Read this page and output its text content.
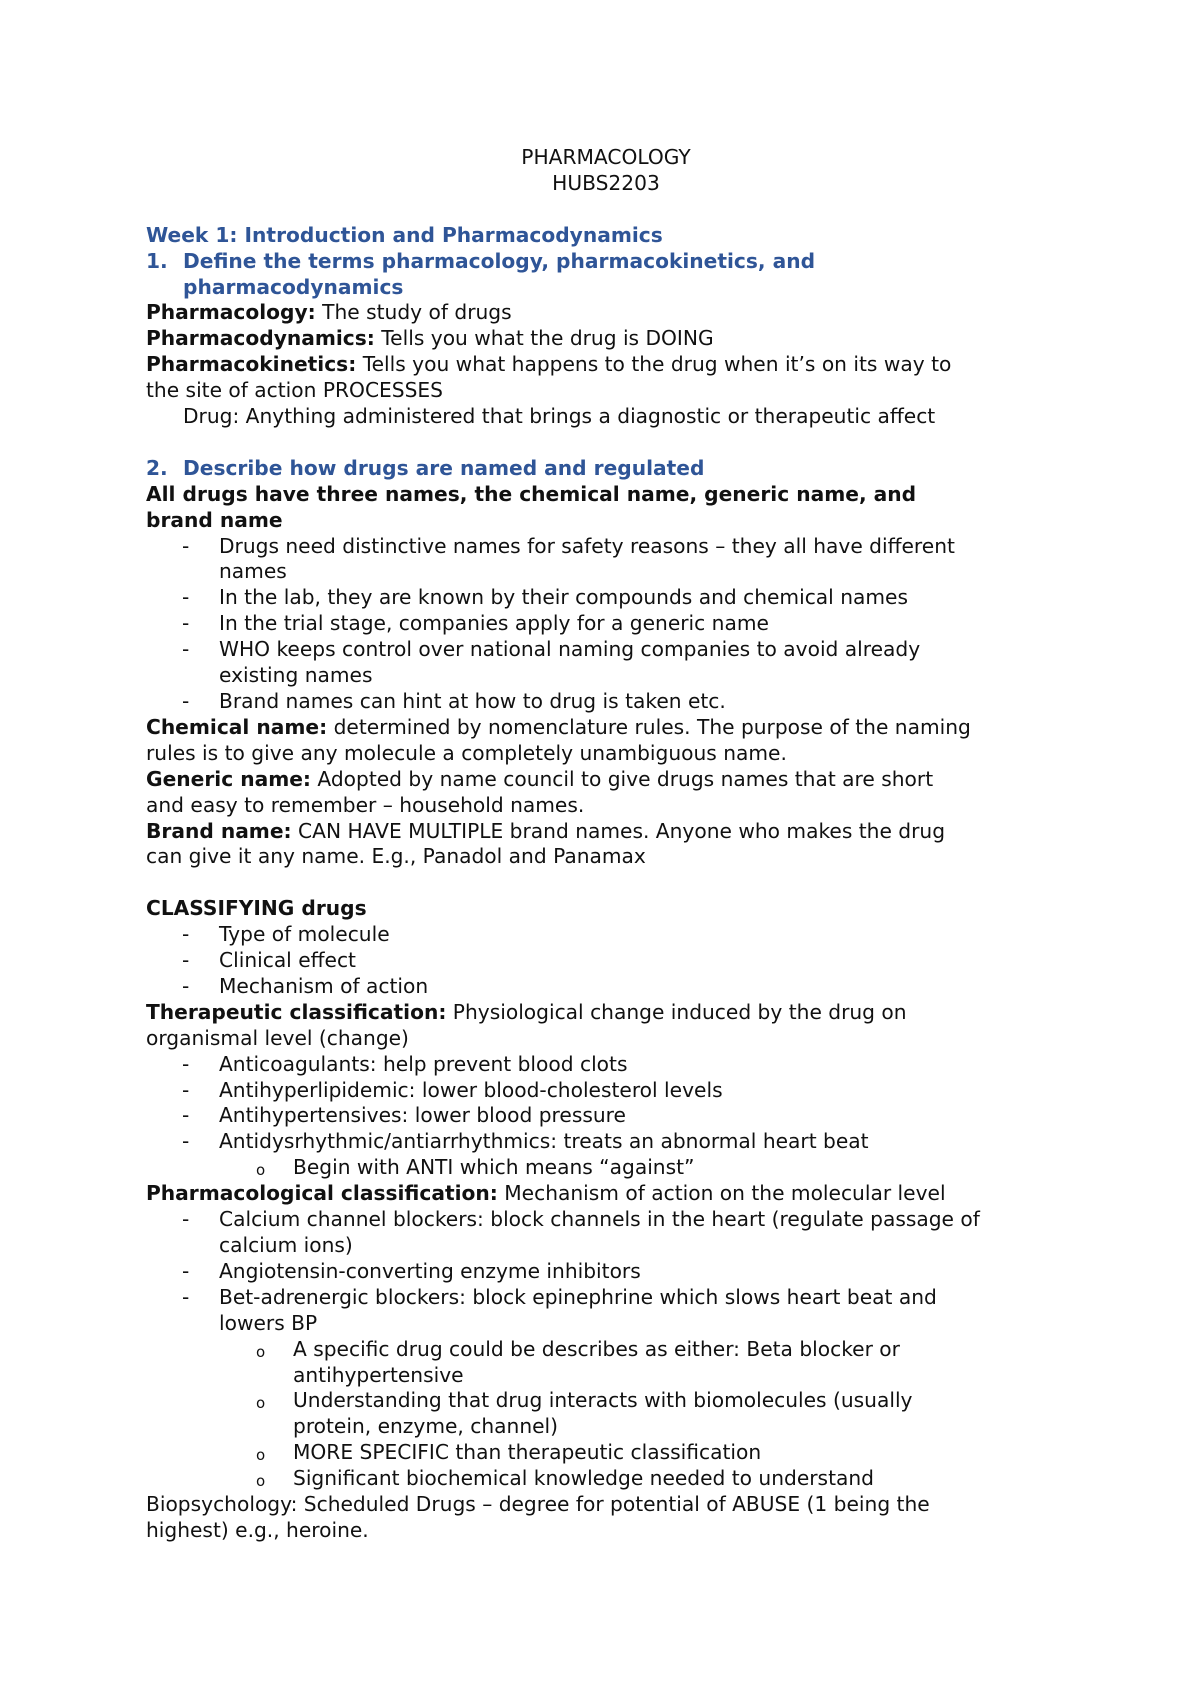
PHARMACOLOGY
HUBS2203
Week 1: Introduction and Pharmacodynamics
1. Define the terms pharmacology, pharmacokinetics, and
pharmacodynamics
Pharmacology: The study of drugs
Pharmacodynamics: Tells you what the drug is DOING
Pharmacokinetics: Tells you what happens to the drug when it’s on its way to
the site of action PROCESSES
Drug: Anything administered that brings a diagnostic or therapeutic affect
2. Describe how drugs are named and regulated
All drugs have three names, the chemical name, generic name, and
brand name
-	Drugs need distinctive names for safety reasons – they all have different
names
-	In the lab, they are known by their compounds and chemical names
-	In the trial stage, companies apply for a generic name
-	WHO keeps control over national naming companies to avoid already
existing names
-	Brand names can hint at how to drug is taken etc.
Chemical name: determined by nomenclature rules. The purpose of the naming
rules is to give any molecule a completely unambiguous name.
Generic name: Adopted by name council to give drugs names that are short
and easy to remember – household names.
Brand name: CAN HAVE MULTIPLE brand names. Anyone who makes the drug
can give it any name. E.g., Panadol and Panamax
CLASSIFYING drugs
-	Type of molecule
-	Clinical effect
-	Mechanism of action
Therapeutic classification: Physiological change induced by the drug on
organismal level (change)
-	Anticoagulants: help prevent blood clots
-	Antihyperlipidemic: lower blood-cholesterol levels
-	Antihypertensives: lower blood pressure
-	Antidysrhythmic/antiarrhythmics: treats an abnormal heart beat
o	Begin with ANTI which means “against”
Pharmacological classification: Mechanism of action on the molecular level
-	Calcium channel blockers: block channels in the heart (regulate passage of
calcium ions)
-	Angiotensin-converting enzyme inhibitors
-	Bet-adrenergic blockers: block epinephrine which slows heart beat and
lowers BP
o	A specific drug could be describes as either: Beta blocker or
antihypertensive
o	Understanding that drug interacts with biomolecules (usually
protein, enzyme, channel)
o	MORE SPECIFIC than therapeutic classification
o	Significant biochemical knowledge needed to understand
Biopsychology: Scheduled Drugs – degree for potential of ABUSE (1 being the
highest) e.g., heroine.
